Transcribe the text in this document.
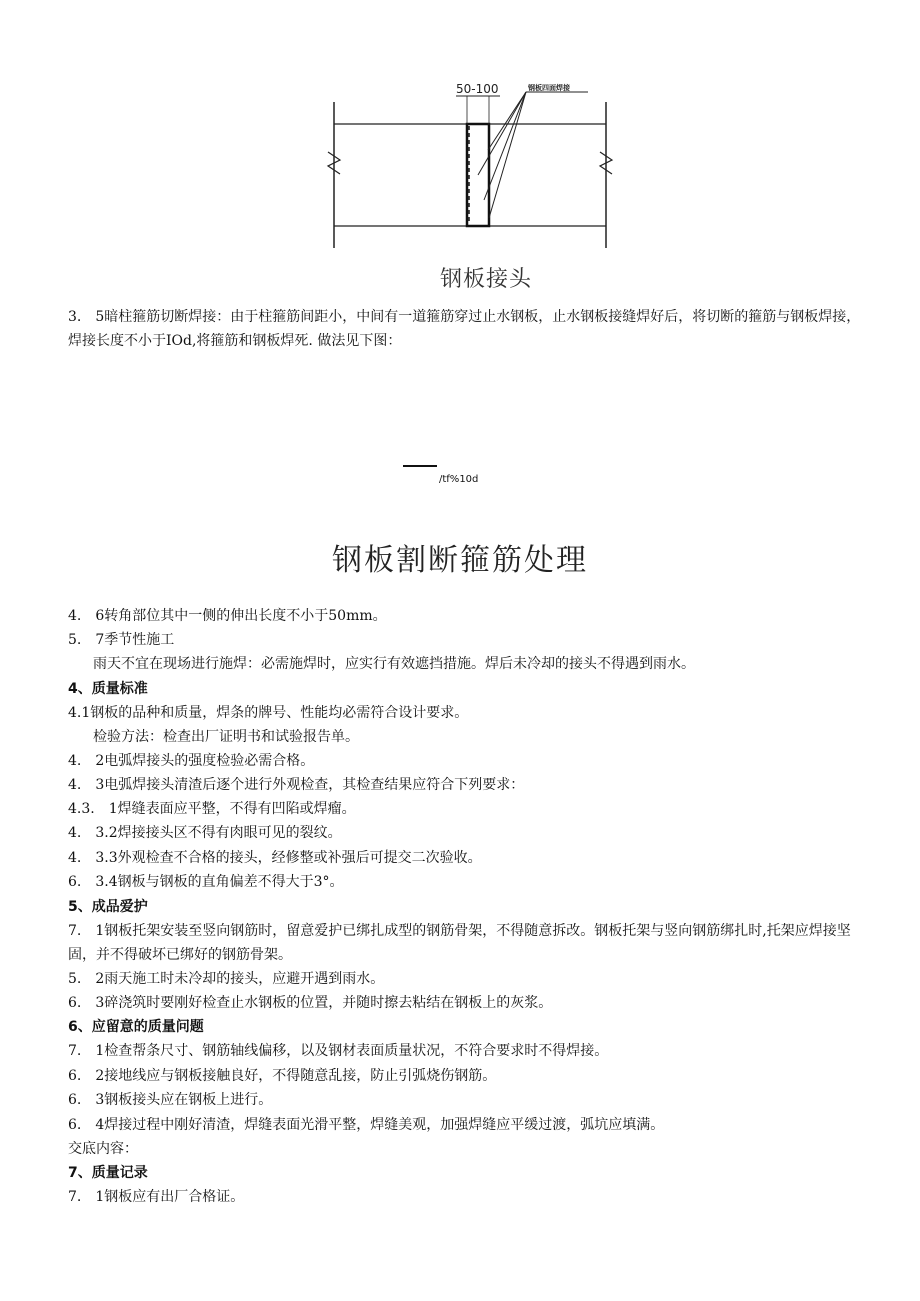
50-100	钢板四面焊接
钢板接头
3.　5暗柱箍筋切断焊接：由于柱箍筋间距小，中间有一道箍筋穿过止水钢板，止水钢板接缝焊好后，将切断的箍筋与钢板焊接，焊接长度不小于IOd,将箍筋和钢板焊死. 做法见下图：
/tf%10d
钢板割断箍筋处理
4.　6转角部位其中一侧的伸出长度不小于50mm。
5.　7季节性施工
雨天不宜在现场进行施焊：必需施焊时，应实行有效遮挡措施。焊后未冷却的接头不得遇到雨水。
4、质量标准
4.1钢板的品种和质量，焊条的牌号、性能均必需符合设计要求。
检验方法：检查出厂证明书和试验报告单。
4.　2电弧焊接头的强度检验必需合格。
4.　3电弧焊接头清渣后逐个进行外观检查，其检查结果应符合下列要求：
4.3.　1焊缝表面应平整，不得有凹陷或焊瘤。
4.　3.2焊接接头区不得有肉眼可见的裂纹。
4.　3.3外观检查不合格的接头，经修整或补强后可提交二次验收。
6.　3.4钢板与钢板的直角偏差不得大于3°。
5、成品爱护
7.　1钢板托架安装至竖向钢筋时，留意爱护已绑扎成型的钢筋骨架，不得随意拆改。钢板托架与竖向钢筋绑扎时,托架应焊接坚固，并不得破坏已绑好的钢筋骨架。
5.　2雨天施工时未冷却的接头，应避开遇到雨水。
6.　3碎浇筑时要刚好检查止水钢板的位置，并随时擦去粘结在钢板上的灰浆。
6、应留意的质量问题
7.　1检查帮条尺寸、钢筋轴线偏移，以及钢材表面质量状况，不符合要求时不得焊接。
6.　2接地线应与钢板接触良好，不得随意乱接，防止引弧烧伤钢筋。
6.　3钢板接头应在钢板上进行。
6.　4焊接过程中刚好清渣，焊缝表面光滑平整，焊缝美观，加强焊缝应平缓过渡，弧坑应填满。
交底内容：
7、质量记录
7.　1钢板应有出厂合格证。
